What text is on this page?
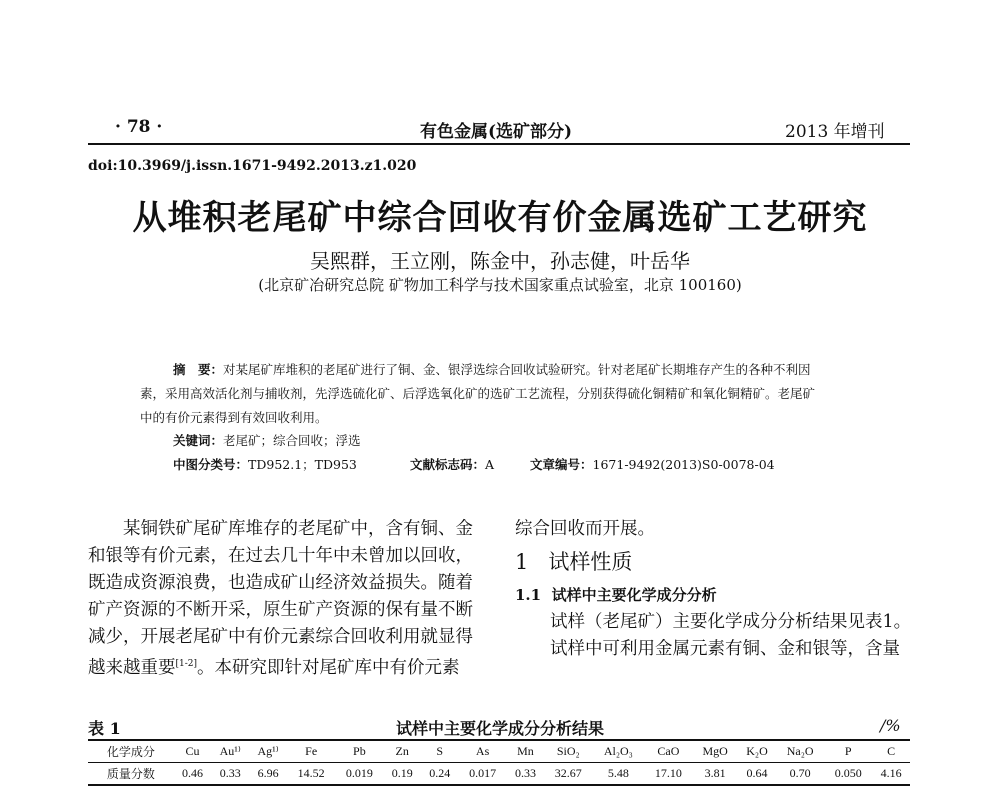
· 78 ·	有色金属(选矿部分)	2013 年增刊
doi:10.3969/j.issn.1671-9492.2013.z1.020
从堆积老尾矿中综合回收有价金属选矿工艺研究
吴熙群，王立刚，陈金中，孙志健，叶岳华
(北京矿冶研究总院 矿物加工科学与技术国家重点试验室，北京 100160)
摘　要：对某尾矿库堆积的老尾矿进行了铜、金、银浮选综合回收试验研究。针对老尾矿长期堆存产生的各种不利因
素，采用高效活化剂与捕收剂，先浮选硫化矿、后浮选氧化矿的选矿工艺流程，分别获得硫化铜精矿和氧化铜精矿。老尾矿
中的有价元素得到有效回收利用。
关键词：老尾矿；综合回收；浮选
中图分类号：TD952.1；TD953	文献标志码：A	文章编号：1671-9492(2013)S0-0078-04
某铜铁矿尾矿库堆存的老尾矿中，含有铜、金
和银等有价元素，在过去几十年中未曾加以回收，
既造成资源浪费，也造成矿山经济效益损失。随着
矿产资源的不断开采，原生矿产资源的保有量不断
减少，开展老尾矿中有价元素综合回收利用就显得
越来越重要[1-2]。本研究即针对尾矿库中有价元素
综合回收而开展。
1 试样性质
1.1 试样中主要化学成分分析
试样（老尾矿）主要化学成分分析结果见表1。
试样中可利用金属元素有铜、金和银等，含量
表 1	试样中主要化学成分分析结果	/%
化学成分	Cu	Au¹⁾	Ag¹⁾	Fe	Pb	Zn	S	As	Mn	SiO₂	Al₂O₃	CaO	MgO	K₂O	Na₂O	P	C
质量分数	0.46	0.33	6.96	14.52	0.019	0.19	0.24	0.017	0.33	32.67	5.48	17.10	3.81	0.64	0.70	0.050	4.16
